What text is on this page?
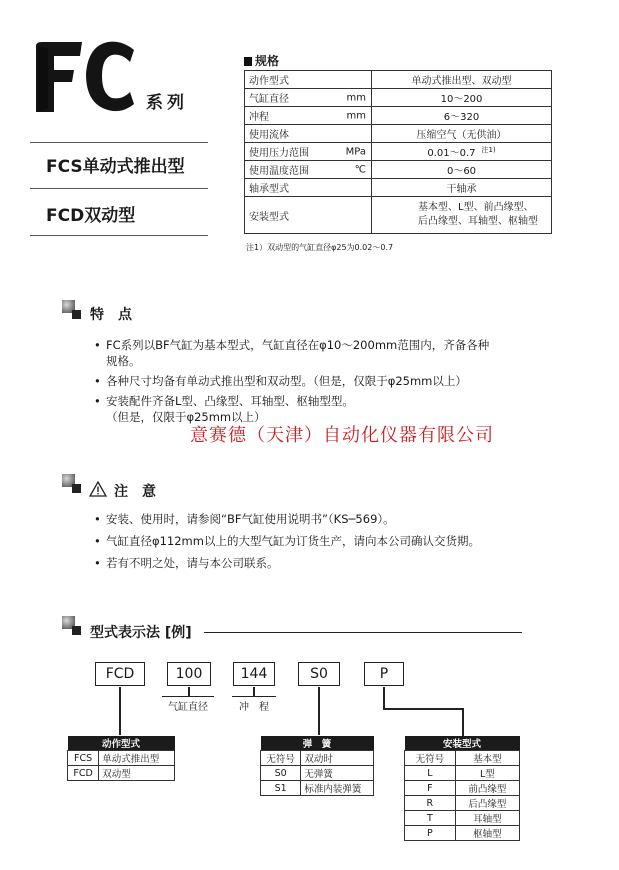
系列
FCS单动式推出型
FCD双动型
规格
动作型式	单动式推出型、双动型
气缸直径 mm	10～200
冲程 mm	6～320
使用流体	压缩空气（无供油）
使用压力范围 MPa	0.01～0.7 $^{注1)}$
使用温度范围 ℃	0～60
轴承型式	干轴承
安装型式	基本型、L型、前凸缘型、
后凸缘型、耳轴型、枢轴型
注1）双动型的气缸直径φ25为0.02～0.7
特　点
• FC系列以BF气缸为基本型式，气缸直径在φ10～200mm范围内，齐备各种
规格。
• 各种尺寸均备有单动式推出型和双动型。（但是，仅限于φ25mm以上）
• 安装配件齐备L型、凸缘型、耳轴型、枢轴型型。
（但是，仅限于φ25mm以上）
意赛德（天津）自动化仪器有限公司
注　意
• 安装、使用时，请参阅“BF气缸使用说明书”（KS─569）。
• 气缸直径φ112mm以上的大型气缸为订货生产，请向本公司确认交货期。
• 若有不明之处，请与本公司联系。
型式表示法 [例]
FCD	100	144	S0	P
气缸直径	冲　程
动作型式	
FCS	单动式推出型
FCD	双动型
弹　簧	
无符号	双动时
S0	无弹簧
S1	标准内装弹簧
安装型式	
无符号	基本型
L	L型
F	前凸缘型
R	后凸缘型
T	耳轴型
P	枢轴型
